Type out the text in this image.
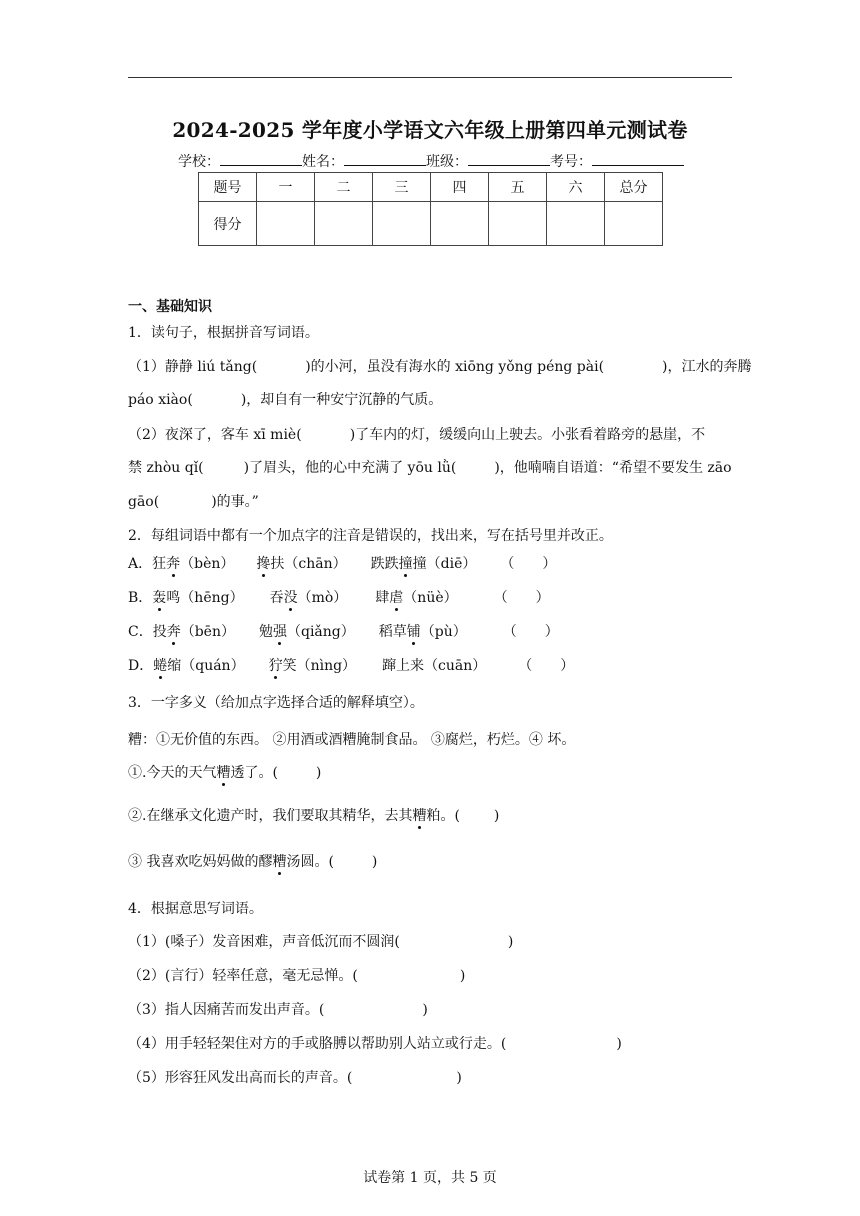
2024-2025 学年度小学语文六年级上册第四单元测试卷
学校：	姓名：	班级：	考号：
题号	一	二	三	四	五	六	总分
得分							
一、基础知识
1．读句子，根据拼音写词语。
（1）静静 liú tǎng(	)的小河，虽没有海水的 xiōng yǒng péng pài(	)，江水的奔腾
páo xiào(	)，却自有一种安宁沉静的气质。
（2）夜深了，客车 xī miè(	)了车内的灯，缓缓向山上驶去。小张看着路旁的悬崖，不
禁 zhòu qǐ(	)了眉头，他的心中充满了 yōu lǜ(	)，他喃喃自语道：“希望不要发生 zāo
gāo(	)的事。”
2．每组词语中都有一个加点字的注音是错误的，找出来，写在括号里并改正。
A．狂奔（bèn） 搀扶（chān） 跌跌撞撞（diē） （　　）
B．轰鸣（hēng） 吞没（mò） 肆虐（nüè）	（　　）
C．投奔（bēn） 勉强（qiǎng） 稻草铺（pù）	（　　）
D．蜷缩（quán） 狞笑（nìng） 蹿上来（cuān） （　　）
3．一字多义（给加点字选择合适的解释填空）。
糟：①无价值的东西。 ②用酒或酒糟腌制食品。 ③腐烂，朽烂。④ 坏。
①.今天的天气糟透了。(	)
②.在继承文化遗产时，我们要取其精华，去其糟粕。( )
③ 我喜欢吃妈妈做的醪糟汤圆。(	)
4．根据意思写词语。
（1）(嗓子）发音困难，声音低沉而不圆润(	)
（2）(言行）轻率任意，毫无忌惮。(	)
（3）指人因痛苦而发出声音。(	)
（4）用手轻轻架住对方的手或胳膊以帮助别人站立或行走。(	)
（5）形容狂风发出高而长的声音。(	)
试卷第 1 页，共 5 页
